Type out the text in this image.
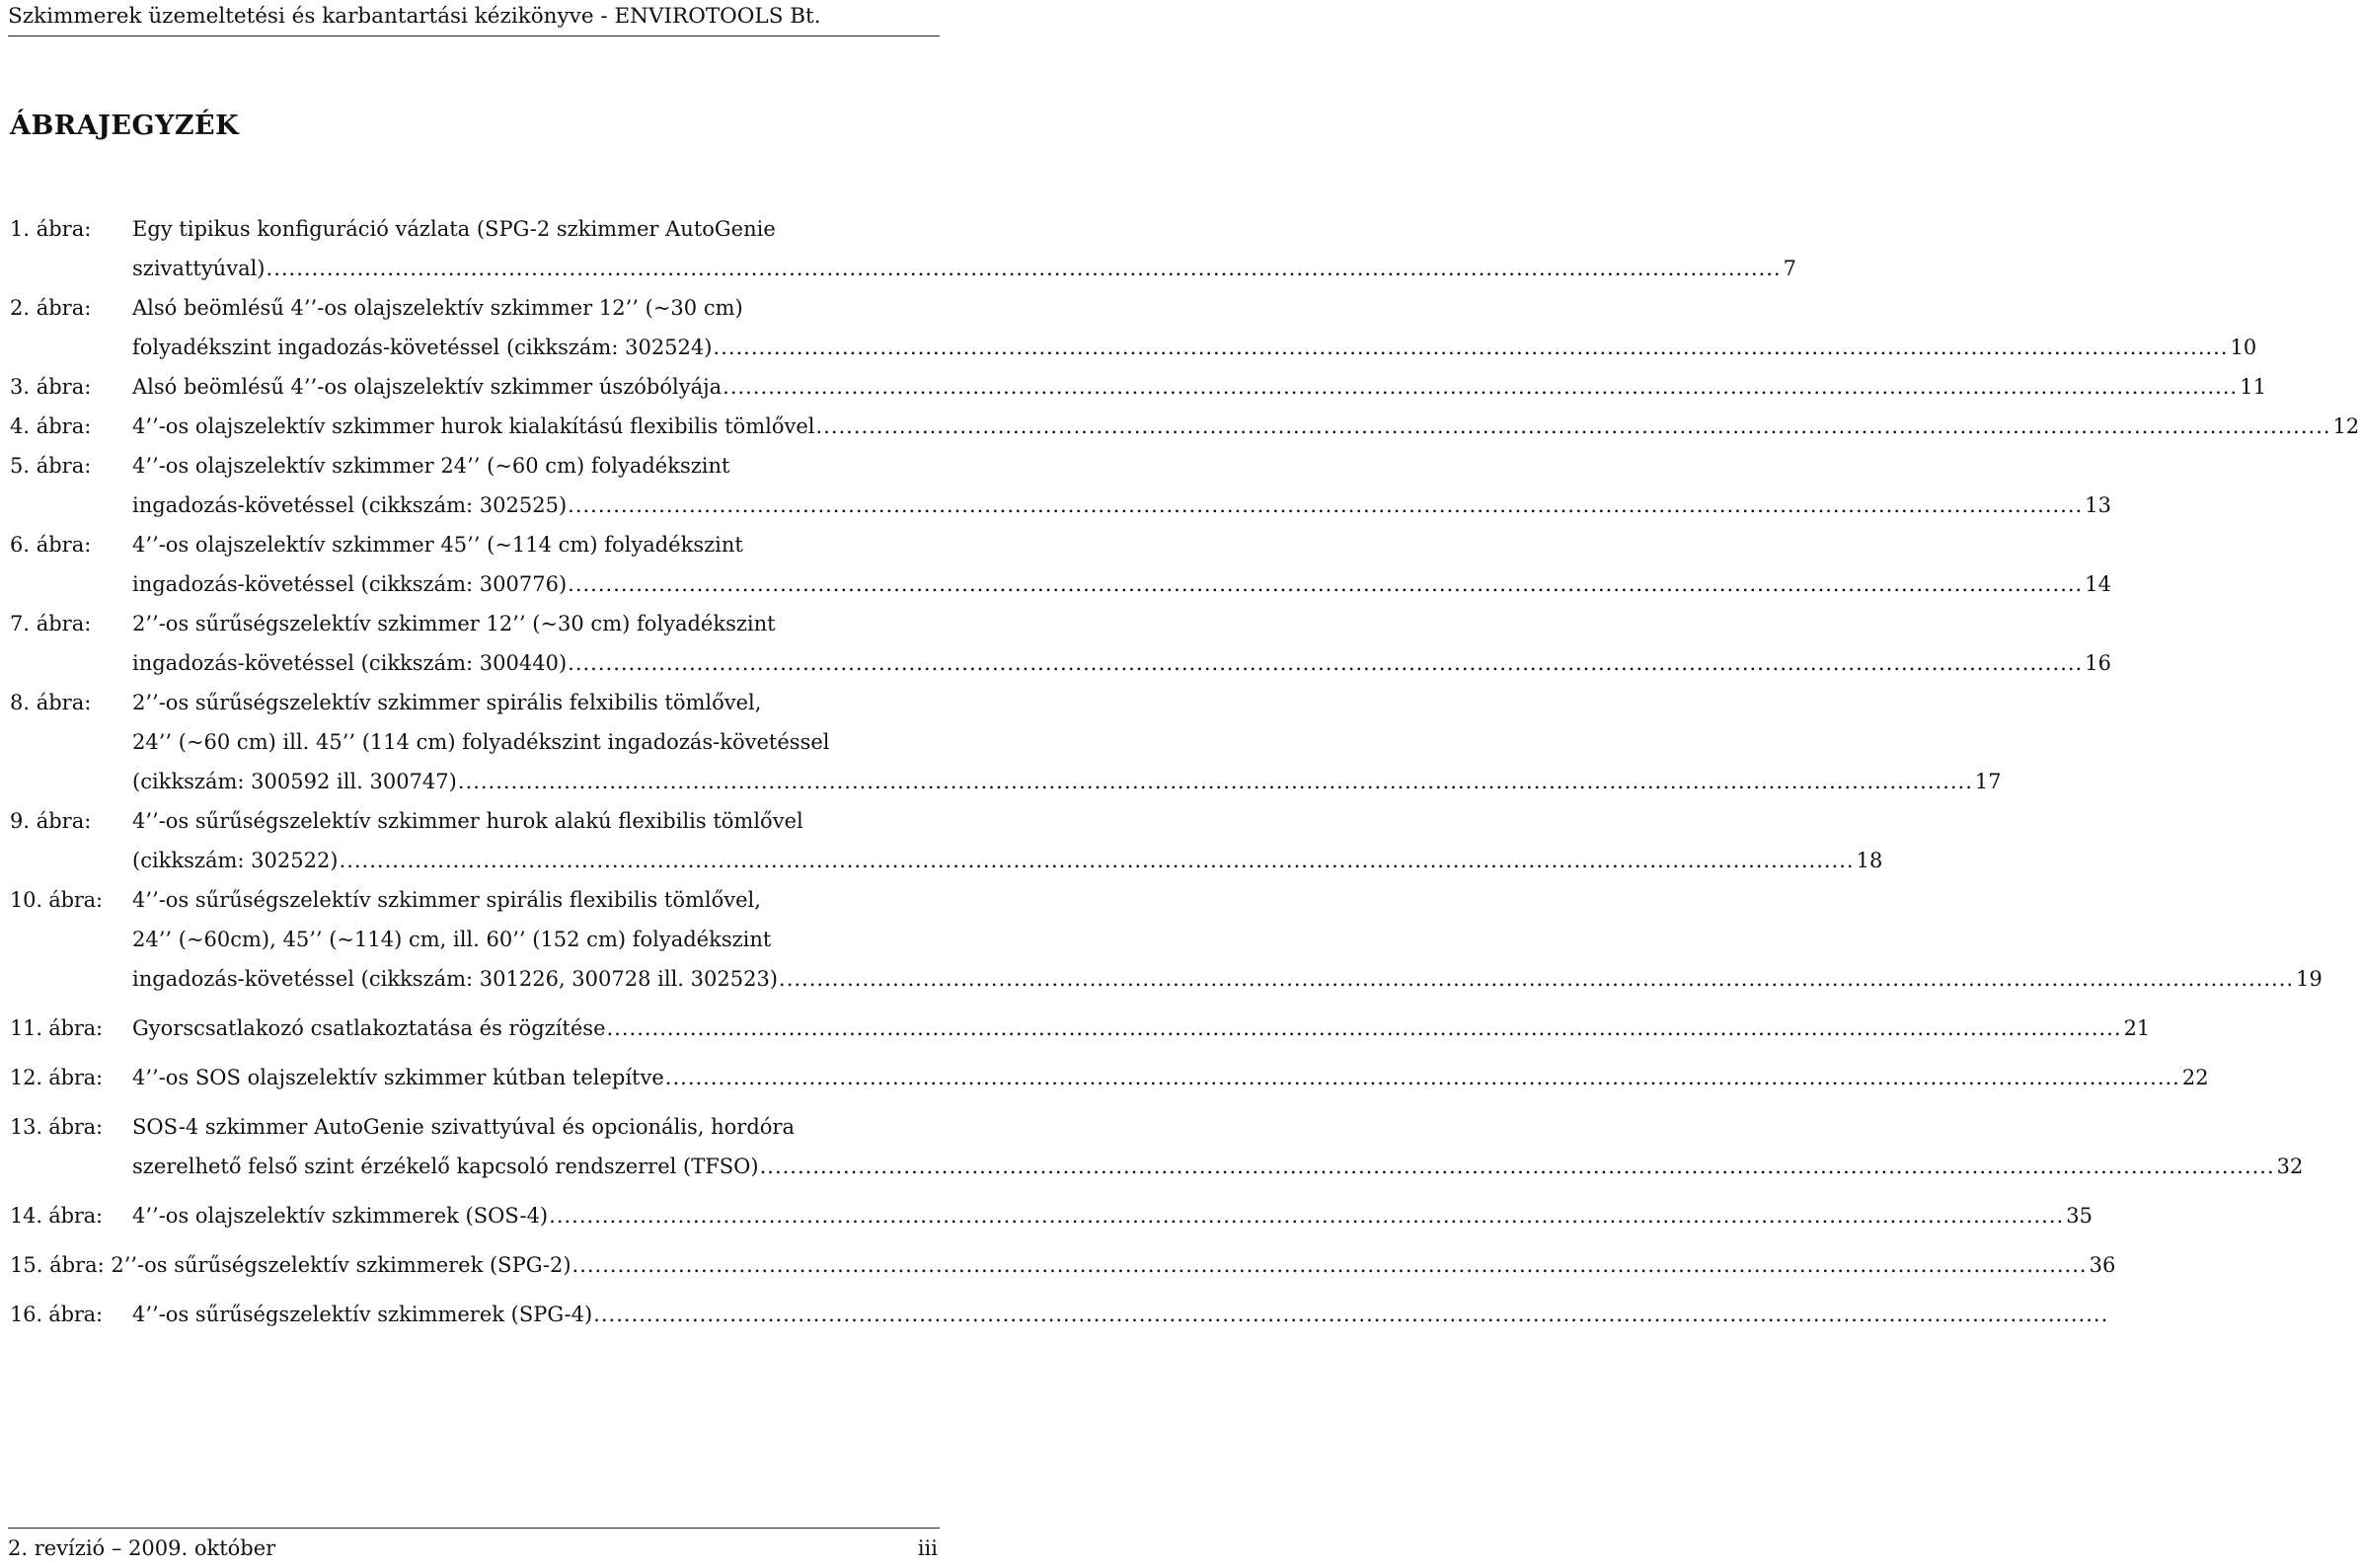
Szkimmerek üzemeltetési és karbantartási kézikönyve - ENVIROTOOLS Bt.
ÁBRAJEGYZÉK
1. ábra: Egy tipikus konfiguráció vázlata (SPG-2 szkimmer AutoGenie
szivattyúval) ........................................................................................................................................................................................................ 7
2. ábra: Alsó beömlésű 4’’-os olajszelektív szkimmer 12’’ (~30 cm)
folyadékszint ingadozás-követéssel (cikkszám: 302524) ........................................................................................................................................................................................................ 10
3. ábra: Alsó beömlésű 4’’-os olajszelektív szkimmer úszóbólyája ........................................................................................................................................................................................................ 11
4. ábra: 4’’-os olajszelektív szkimmer hurok kialakítású flexibilis tömlővel ........................................................................................................................................................................................................ 12
5. ábra: 4’’-os olajszelektív szkimmer 24’’ (~60 cm) folyadékszint
ingadozás-követéssel (cikkszám: 302525) ........................................................................................................................................................................................................ 13
6. ábra: 4’’-os olajszelektív szkimmer 45’’ (~114 cm) folyadékszint
ingadozás-követéssel (cikkszám: 300776) ........................................................................................................................................................................................................ 14
7. ábra: 2’’-os sűrűségszelektív szkimmer 12’’ (~30 cm) folyadékszint
ingadozás-követéssel (cikkszám: 300440) ........................................................................................................................................................................................................ 16
8. ábra: 2’’-os sűrűségszelektív szkimmer spirális felxibilis tömlővel,
24’’ (~60 cm) ill. 45’’ (114 cm) folyadékszint ingadozás-követéssel
(cikkszám: 300592 ill. 300747) ........................................................................................................................................................................................................ 17
9. ábra: 4’’-os sűrűségszelektív szkimmer hurok alakú flexibilis tömlővel
(cikkszám: 302522) ........................................................................................................................................................................................................ 18
10. ábra: 4’’-os sűrűségszelektív szkimmer spirális flexibilis tömlővel,
24’’ (~60cm), 45’’ (~114) cm, ill. 60’’ (152 cm) folyadékszint
ingadozás-követéssel (cikkszám: 301226, 300728 ill. 302523) ........................................................................................................................................................................................................ 19
11. ábra: Gyorscsatlakozó csatlakoztatása és rögzítése ........................................................................................................................................................................................................ 21
12. ábra: 4’’-os SOS olajszelektív szkimmer kútban telepítve ........................................................................................................................................................................................................ 22
13. ábra: SOS-4 szkimmer AutoGenie szivattyúval és opcionális, hordóra
szerelhető felső szint érzékelő kapcsoló rendszerrel (TFSO) ........................................................................................................................................................................................................ 32
14. ábra: 4’’-os olajszelektív szkimmerek (SOS-4) ........................................................................................................................................................................................................ 35
15. ábra: 2’’-os sűrűségszelektív szkimmerek (SPG-2) ........................................................................................................................................................................................................ 36
16. ábra: 4’’-os sűrűségszelektív szkimmerek (SPG-4) ........................................................................................................................................................................................................
2. revízió – 2009. október	iii
